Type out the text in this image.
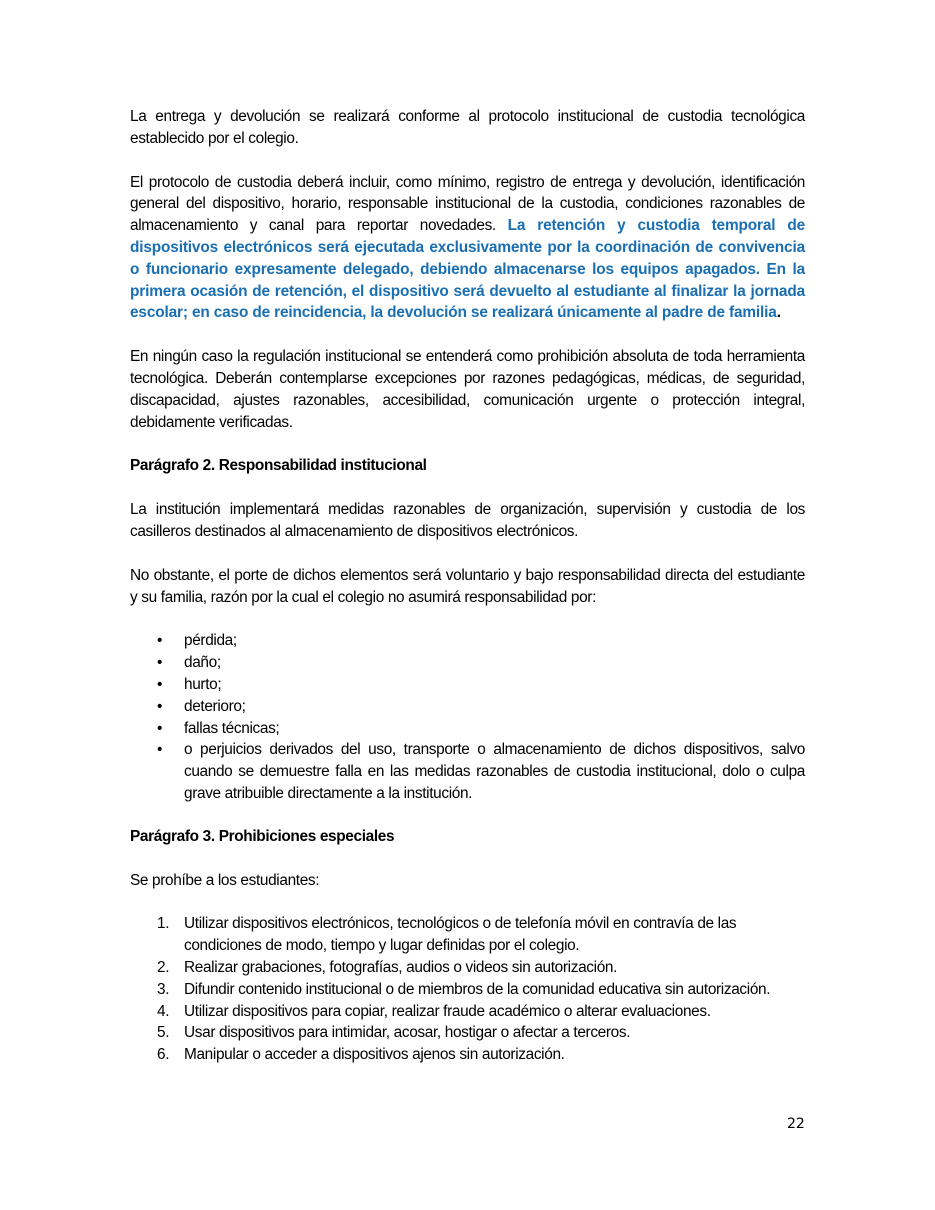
La entrega y devolución se realizará conforme al protocolo institucional de custodia tecnológica establecido por el colegio.

El protocolo de custodia deberá incluir, como mínimo, registro de entrega y devolución, identificación general del dispositivo, horario, responsable institucional de la custodia, condiciones razonables de almacenamiento y canal para reportar novedades. La retención y custodia temporal de dispositivos electrónicos será ejecutada exclusivamente por la coordinación de convivencia o funcionario expresamente delegado, debiendo almacenarse los equipos apagados. En la primera ocasión de retención, el dispositivo será devuelto al estudiante al finalizar la jornada escolar; en caso de reincidencia, la devolución se realizará únicamente al padre de familia.

En ningún caso la regulación institucional se entenderá como prohibición absoluta de toda herramienta tecnológica. Deberán contemplarse excepciones por razones pedagógicas, médicas, de seguridad, discapacidad, ajustes razonables, accesibilidad, comunicación urgente o protección integral, debidamente verificadas.

Parágrafo 2. Responsabilidad institucional

La institución implementará medidas razonables de organización, supervisión y custodia de los casilleros destinados al almacenamiento de dispositivos electrónicos.

No obstante, el porte de dichos elementos será voluntario y bajo responsabilidad directa del estudiante y su familia, razón por la cual el colegio no asumirá responsabilidad por:

• pérdida;
• daño;
• hurto;
• deterioro;
• fallas técnicas;
• o perjuicios derivados del uso, transporte o almacenamiento de dichos dispositivos, salvo cuando se demuestre falla en las medidas razonables de custodia institucional, dolo o culpa grave atribuible directamente a la institución.
Parágrafo 3. Prohibiciones especiales

Se prohíbe a los estudiantes:

1. Utilizar dispositivos electrónicos, tecnológicos o de telefonía móvil en contravía de las condiciones de modo, tiempo y lugar definidas por el colegio.
2. Realizar grabaciones, fotografías, audios o videos sin autorización.
3. Difundir contenido institucional o de miembros de la comunidad educativa sin autorización.
4. Utilizar dispositivos para copiar, realizar fraude académico o alterar evaluaciones.
5. Usar dispositivos para intimidar, acosar, hostigar o afectar a terceros.
6. Manipular o acceder a dispositivos ajenos sin autorización.
22
